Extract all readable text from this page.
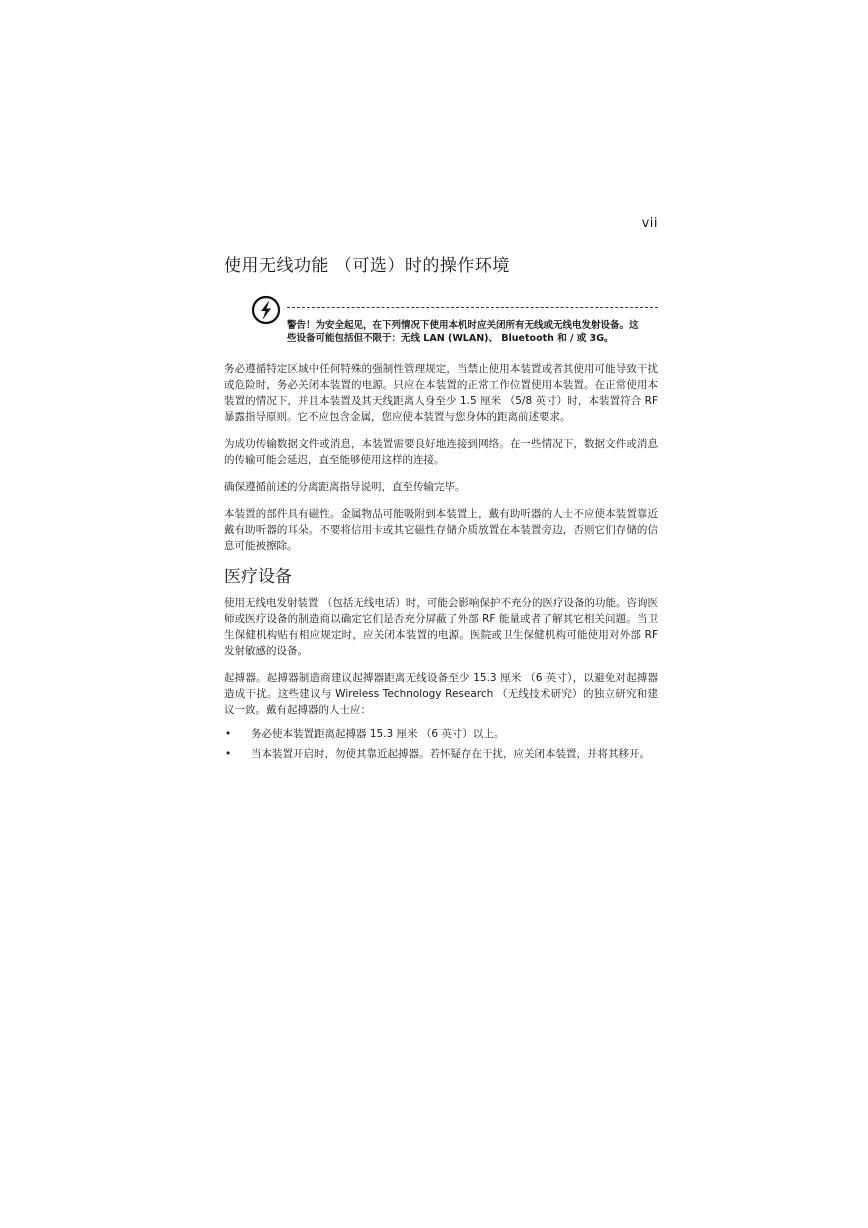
vii
使用无线功能 （可选）时的操作环境
警告！为安全起见，在下列情况下使用本机时应关闭所有无线或无线电发射设备。这些设备可能包括但不限于：无线 LAN (WLAN)、 Bluetooth 和 / 或 3G。

务必遵循特定区域中任何特殊的强制性管理规定，当禁止使用本装置或者其使用可能导致干扰或危险时，务必关闭本装置的电源。只应在本装置的正常工作位置使用本装置。在正常使用本装置的情况下，并且本装置及其天线距离人身至少 1.5 厘米 （5/8 英寸）时，本装置符合 RF 暴露指导原则。它不应包含金属，您应使本装置与您身体的距离前述要求。

为成功传输数据文件或消息，本装置需要良好地连接到网络。在一些情况下，数据文件或消息的传输可能会延迟，直至能够使用这样的连接。

确保遵循前述的分离距离指导说明，直至传输完毕。

本装置的部件具有磁性。金属物品可能吸附到本装置上，戴有助听器的人士不应使本装置靠近戴有助听器的耳朵。不要将信用卡或其它磁性存储介质放置在本装置旁边，否则它们存储的信息可能被擦除。

医疗设备

使用无线电发射装置 （包括无线电话）时，可能会影响保护不充分的医疗设备的功能。咨询医师或医疗设备的制造商以确定它们是否充分屏蔽了外部 RF 能量或者了解其它相关问题。当卫生保健机构贴有相应规定时，应关闭本装置的电源。医院或卫生保健机构可能使用对外部 RF 发射敏感的设备。

起搏器。起搏器制造商建议起搏器距离无线设备至少 15.3 厘米 （6 英寸），以避免对起搏器造成干扰。这些建议与 Wireless Technology Research （无线技术研究）的独立研究和建议一致。戴有起搏器的人士应：

• 务必使本装置距离起搏器 15.3 厘米 （6 英寸）以上。
• 当本装置开启时，勿使其靠近起搏器。若怀疑存在干扰，应关闭本装置，并将其移开。
